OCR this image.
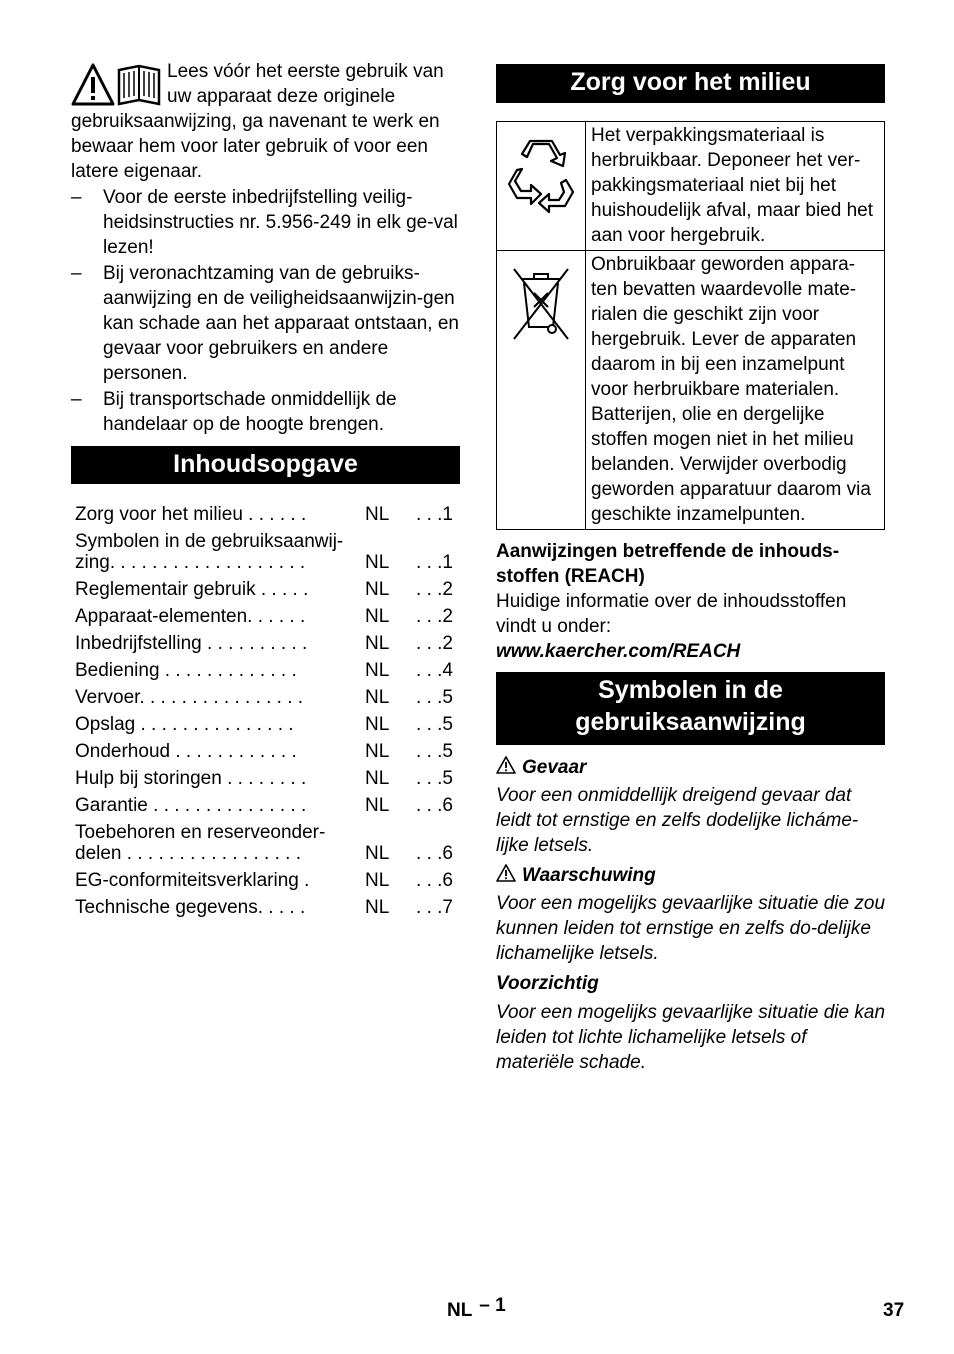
Lees vóór het eerste gebruik van uw apparaat deze originele gebruiksaanwijzing, ga navenant te werk en bewaar hem voor later gebruik of voor een latere eigenaar.

– Voor de eerste inbedrijfstelling veilig-heidsinstructies nr. 5.956-249 in elk ge-val lezen!
– Bij veronachtzaming van de gebruiks-aanwijzing en de veiligheidsaanwijzin-gen kan schade aan het apparaat ontstaan, en gevaar voor gebruikers en andere personen.
– Bij transportschade onmiddellijk de handelaar op de hoogte brengen.
Inhoudsopgave
Zorg voor het milieu . . . . . .	NL	. . .1
Symbolen in de gebruiksaanwij-
zing. . . . . . . . . . . . . . . . . . .	NL	. . .1
Reglementair gebruik . . . . .	NL	. . .2
Apparaat-elementen. . . . . .	NL	. . .2
Inbedrijfstelling . . . . . . . . . .	NL	. . .2
Bediening . . . . . . . . . . . . .	NL	. . .4
Vervoer. . . . . . . . . . . . . . . .	NL	. . .5
Opslag . . . . . . . . . . . . . . .	NL	. . .5
Onderhoud . . . . . . . . . . . .	NL	. . .5
Hulp bij storingen . . . . . . . .	NL	. . .5
Garantie . . . . . . . . . . . . . . .	NL	. . .6
Toebehoren en reserveonder-
delen . . . . . . . . . . . . . . . . .	NL	. . .6
EG-conformiteitsverklaring .	NL	. . .6
Technische gegevens. . . . .	NL	. . .7
Zorg voor het milieu
	Het verpakkingsmateriaal is herbruikbaar. Deponeer het ver-pakkingsmateriaal niet bij het huishoudelijk afval, maar bied het aan voor hergebruik.
	Onbruikbaar geworden appara-ten bevatten waardevolle mate-rialen die geschikt zijn voor hergebruik. Lever de apparaten daarom in bij een inzamelpunt voor herbruikbare materialen. Batterijen, olie en dergelijke stoffen mogen niet in het milieu belanden. Verwijder overbodig geworden apparatuur daarom via geschikte inzamelpunten.

Aanwijzingen betreffende de inhouds-stoffen (REACH)

Huidige informatie over de inhoudsstoffen vindt u onder:

www.kaercher.com/REACH

Symbolen in de gebruiksaanwijzing

Gevaar

Voor een onmiddellijk dreigend gevaar dat leidt tot ernstige en zelfs dodelijke licháme-lijke letsels.

Waarschuwing

Voor een mogelijks gevaarlijke situatie die zou kunnen leiden tot ernstige en zelfs do-delijke lichamelijke letsels.

Voorzichtig

Voor een mogelijks gevaarlijke situatie die kan leiden tot lichte lichamelijke letsels of materiële schade.

NL – 1	37
